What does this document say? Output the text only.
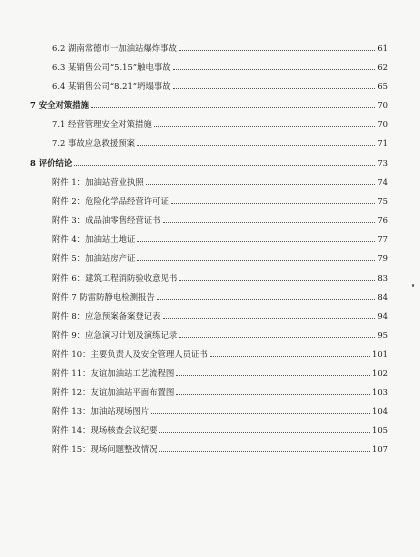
6.2 湖南常德市一加油站爆炸事故	61
6.3 某销售公司“5.15”触电事故	62
6.4 某销售公司“8.21”坍塌事故	65
7 安全对策措施	70
7.1 经营管理安全对策措施	70
7.2 事故应急救援预案	71
8 评价结论	73
附件 1：加油站营业执照	74
附件 2：危险化学品经营许可证	75
附件 3：成品油零售经营证书	76
附件 4：加油站土地证	77
附件 5：加油站房产证	79
附件 6：建筑工程消防验收意见书	83
附件 7 防雷防静电检测报告	84
附件 8：应急预案备案登记表	94
附件 9：应急演习计划及演练记录	95
附件 10：主要负责人及安全管理人员证书	101
附件 11：友谊加油站工艺流程图	102
附件 12：友谊加油站平面布置图	103
附件 13：加油站现场图片	104
附件 14：现场核查会议纪要	105
附件 15：现场问题整改情况	107
